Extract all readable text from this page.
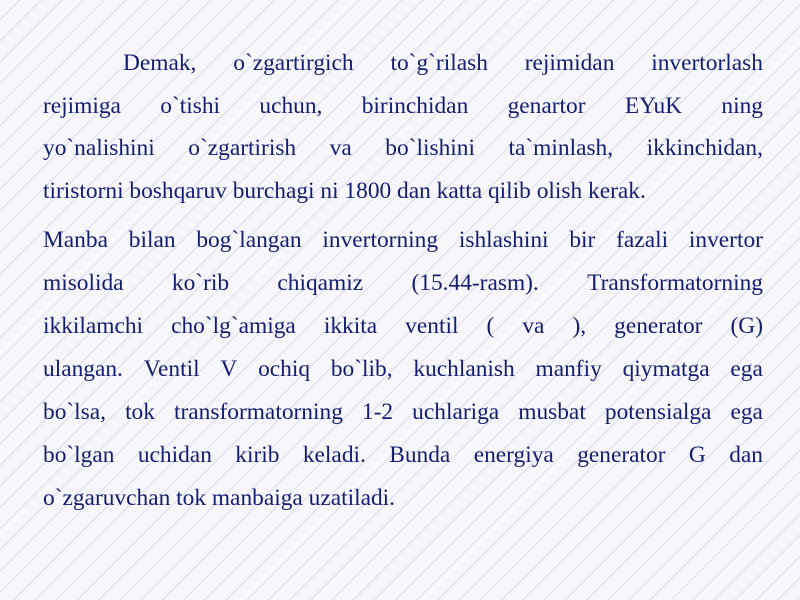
Demak, o`zgartirgich to`g`rilash rejimidan invertorlash
rejimiga o`tishi uchun, birinchidan genartor EYuK ning
yo`nalishini o`zgartirish va bo`lishini ta`minlash, ikkinchidan,
tiristorni boshqaruv burchagi ni 1800 dan katta qilib olish kerak.
Manba bilan bog`langan invertorning ishlashini bir fazali invertor
misolida ko`rib chiqamiz (15.44-rasm). Transformatorning
ikkilamchi cho`lg`amiga ikkita ventil ( va ), generator (G)
ulangan. Ventil V ochiq bo`lib, kuchlanish manfiy qiymatga ega
bo`lsa, tok transformatorning 1-2 uchlariga musbat potensialga ega
bo`lgan uchidan kirib keladi. Bunda energiya generator G dan
o`zgaruvchan tok manbaiga uzatiladi.
